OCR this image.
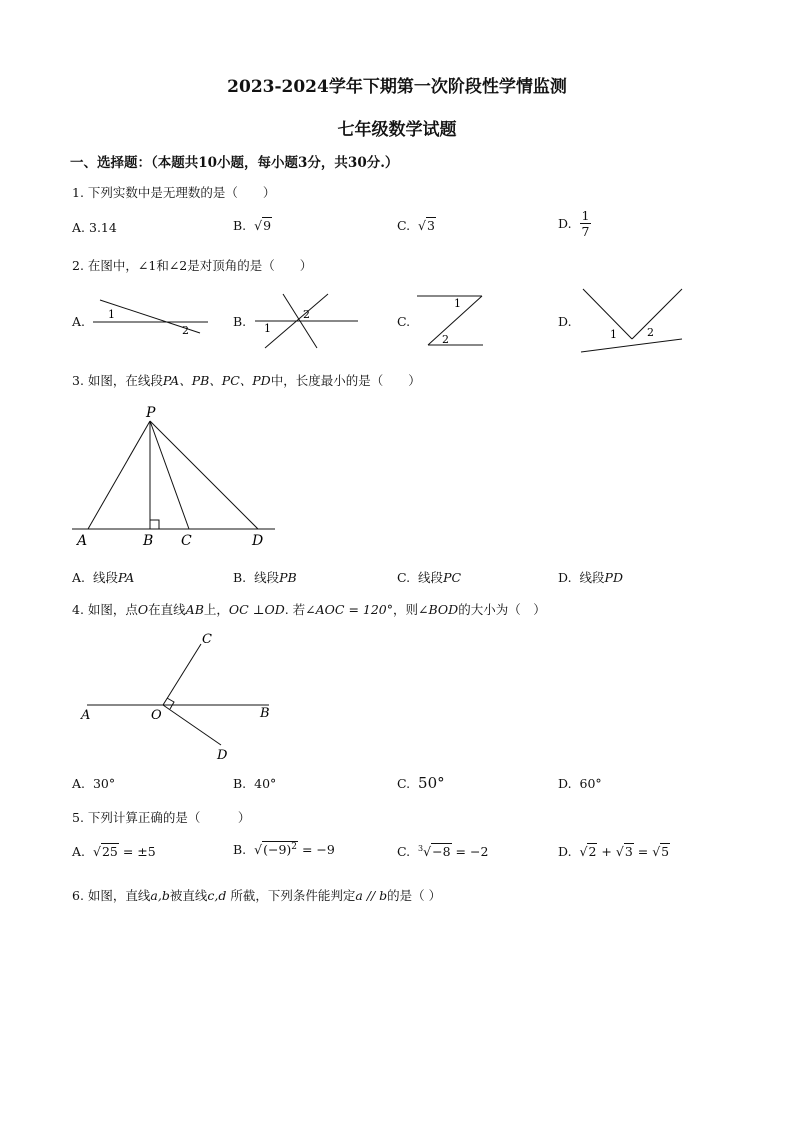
2023-2024学年下期第一次阶段性学情监测
七年级数学试题
一、选择题：（本题共10小题，每小题3分，共30分.）
1. 下列实数中是无理数的是（　　）
A. 3.14	B.  √9	C.  √3	D. $\frac{1}{7}$
2. 在图中，∠1和∠2是对顶角的是（　　）
A.	B.	C.	D.
1
2	1
2
1
2	1	2
3. 如图，在线段PA、PB、PC、PD中，长度最小的是（　　）
P
A	B C	D
A. 线段PA	B. 线段PB	C. 线段PC	D. 线段PD
4. 如图，点O在直线AB上，OC ⊥OD. 若∠AOC = 120°，则∠BOD的大小为（　）
C
A	O	B
D
A. 30°	B. 40°	C. 50°	D. 60°
5. 下列计算正确的是（　　　）
A.  √25 = ±5	B.  $√(-9)^2 = -9$	C. $^3$√−8 = −2	D.  √2 + √3 = √5
6. 如图，直线a,b被直线c,d 所截，下列条件能判定a // b的是（ ）
